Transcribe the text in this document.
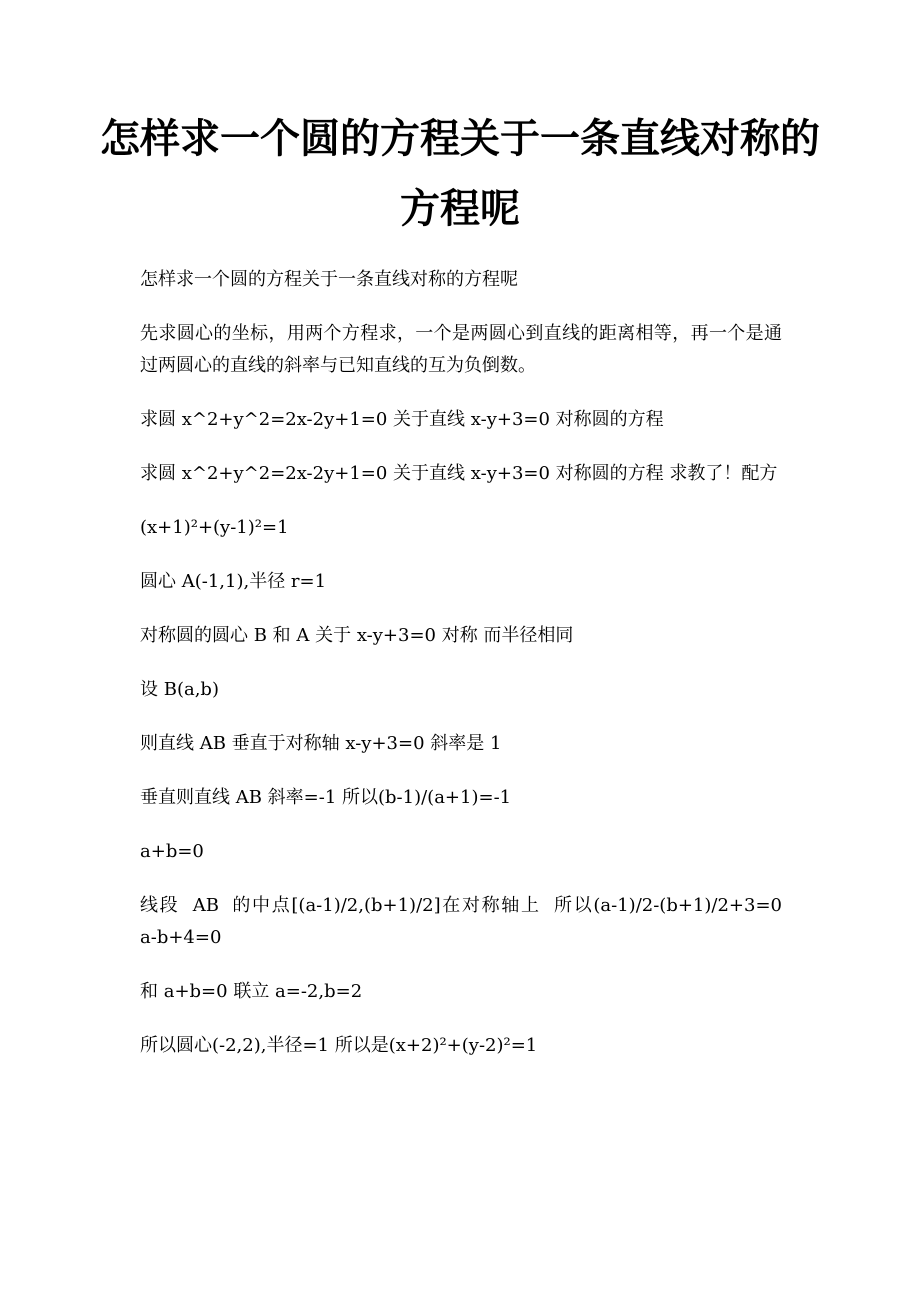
怎样求一个圆的方程关于一条直线对称的方程呢

怎样求一个圆的方程关于一条直线对称的方程呢

先求圆心的坐标，用两个方程求，一个是两圆心到直线的距离相等，再一个是通过两圆心的直线的斜率与已知直线的互为负倒数。

求圆 x^2+y^2=2x-2y+1=0 关于直线 x-y+3=0 对称圆的方程

求圆 x^2+y^2=2x-2y+1=0 关于直线 x-y+3=0 对称圆的方程 求教了！配方

(x+1)²+(y-1)²=1

圆心 A(-1,1),半径 r=1

对称圆的圆心 B 和 A 关于 x-y+3=0 对称 而半径相同

设 B(a,b)

则直线 AB 垂直于对称轴 x-y+3=0 斜率是 1

垂直则直线 AB 斜率=-1 所以(b-1)/(a+1)=-1

a+b=0

线段 AB 的中点[(a-1)/2,(b+1)/2]在对称轴上 所以(a-1)/2-(b+1)/2+3=0 a-b+4=0

和 a+b=0 联立 a=-2,b=2

所以圆心(-2,2),半径=1 所以是(x+2)²+(y-2)²=1
